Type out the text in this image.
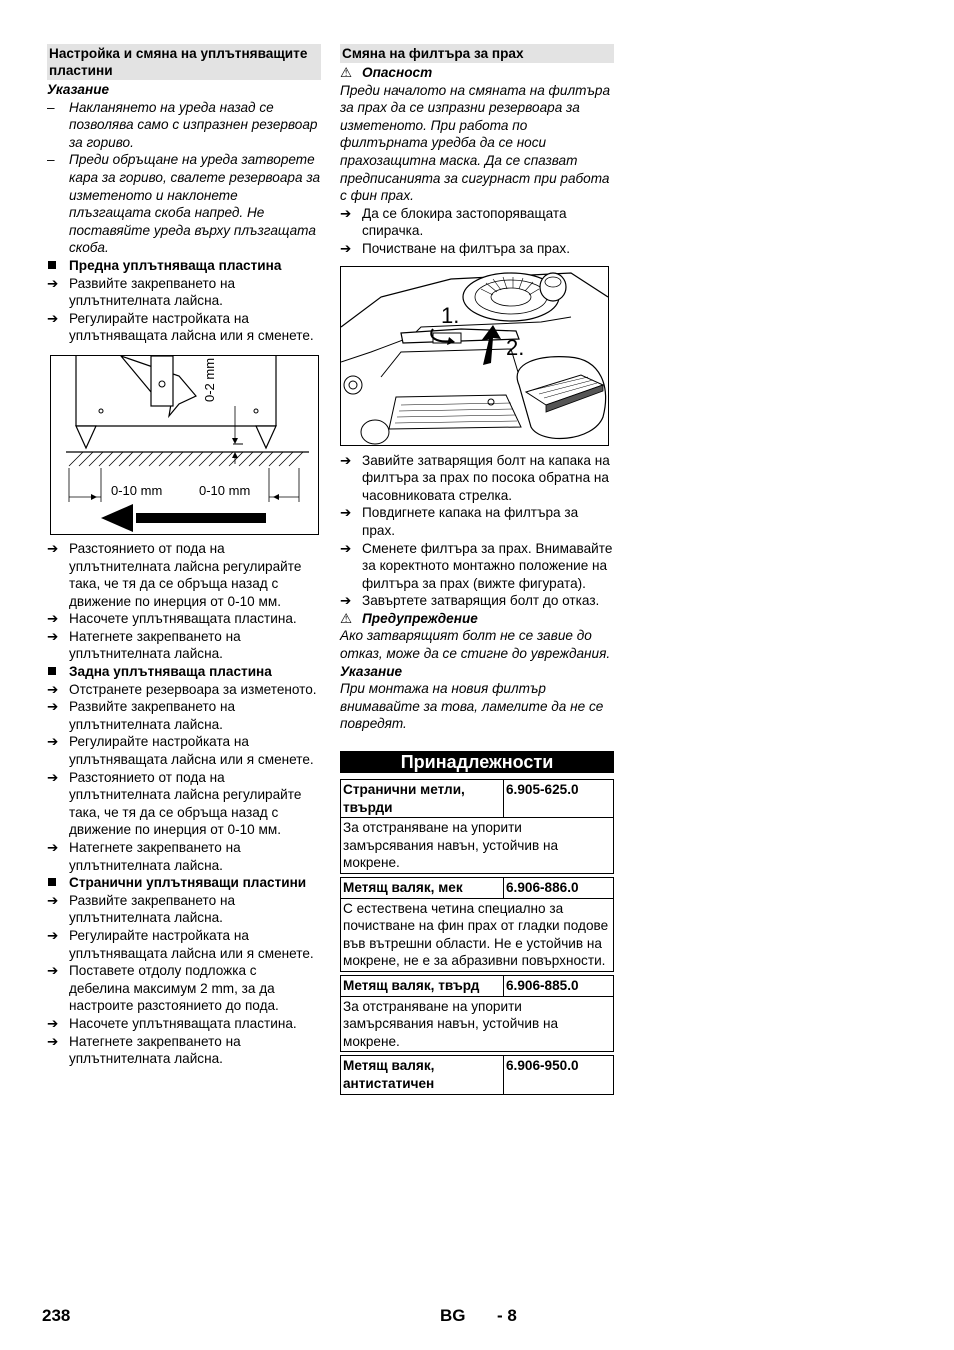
Настройка и смяна на уплътняващите пластини
Указание
–	Накланянето на уреда назад се позволява само с изпразнен резервоар за гориво.
–	Преди обръщане на уреда затворете кара за гориво, свалете резервоара за изметеното и наклонете плъзгащата скоба напред. Не поставяйте уреда върху плъзгащата скоба.
Предна уплътняваща пластина
➔ Развийте закрепването на уплътнителната лайсна.
➔ Регулирайте настройката на уплътняващата лайсна или я сменете.
0-2 mm
0-10 mm	0-10 mm
➔ Разстоянието от пода на уплътнителната лайсна регулирайте така, че тя да се обръща назад с движение по инерция от 0-10 мм.
➔ Насочете уплътняващата пластина.
➔ Натегнете закрепването на уплътнителната лайсна.
Задна уплътняваща пластина
➔ Отстранете резервоара за изметеното.
➔ Развийте закрепването на уплътнителната лайсна.
➔ Регулирайте настройката на уплътняващата лайсна или я сменете.
➔ Разстоянието от пода на уплътнителната лайсна регулирайте така, че тя да се обръща назад с движение по инерция от 0-10 мм.
➔ Натегнете закрепването на уплътнителната лайсна.
Странични уплътняващи пластини
➔ Развийте закрепването на уплътнителната лайсна.
➔ Регулирайте настройката на уплътняващата лайсна или я сменете.
➔ Поставете отдолу подложка с дебелина максимум 2 mm, за да настроите разстоянието до пода.
➔ Насочете уплътняващата пластина.
➔ Натегнете закрепването на уплътнителната лайсна.
Смяна на филтъра за прах
⚠ Опасност
Преди началото на смяната на филтъра за прах да се изпразни резервоара за изметеното. При работа по филтърната уредба да се носи прахозащитна маска. Да се спазват предписанията за сигурнаст при работа с фин прах.
➔ Да се блокира застопоряващата спирачка.
➔ Почистване на филтъра за прах.
1.
2.
➔ Завийте затварящия болт на капака на филтъра за прах по посока обратна на часовниковата стрелка.
➔ Повдигнете капака на филтъра за прах.
➔ Сменете филтъра за прах. Внимавайте за коректното монтажно положение на филтъра за прах (вижте фигурата).
➔ Завъртете затварящия болт до отказ.
⚠ Предупреждение
Ако затварящият болт не се завие до отказ, може да се стигне до увреждания.
Указание
При монтажа на новия филтър внимавайте за това, ламелите да не се повредят.
Принадлежности
Странични метли, твърди
6.905-625.0
За отстраняване на упорити замърсявания навън, устойчив на мокрене.
Метящ валяк, мек	6.906-886.0
С естествена четина специално за почистване на фин прах от гладки подове във вътрешни области. Не е устойчив на мокрене, не е за абразивни повърхности.
Метящ валяк, твърд	6.906-885.0
За отстраняване на упорити замърсявания навън, устойчив на мокрене.
Метящ валяк, антистатичен
6.906-950.0
238	BG - 8
